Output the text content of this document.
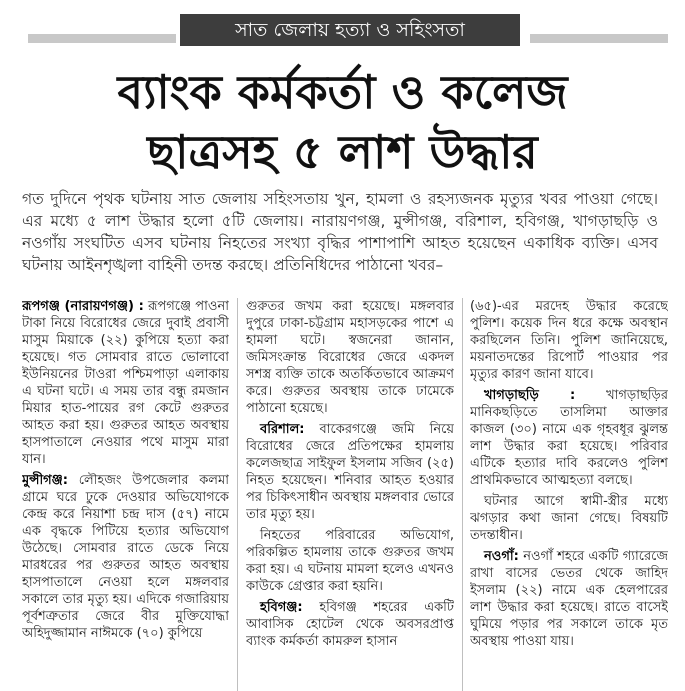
সাত জেলায় হত্যা ও সহিংসতা
ব্যাংক কর্মকর্তা ও কলেজ
ছাত্রসহ ৫ লাশ উদ্ধার
গত দুদিনে পৃথক ঘটনায় সাত জেলায় সহিংসতায় খুন, হামলা ও রহস্যজনক মৃত্যুর খবর পাওয়া গেছে। এর মধ্যে ৫ লাশ উদ্ধার হলো ৫টি জেলায়। নারায়ণগঞ্জ, মুন্সীগঞ্জ, বরিশাল, হবিগঞ্জ, খাগড়াছড়ি ও নওগাঁয় সংঘটিত এসব ঘটনায় নিহতের সংখ্যা বৃদ্ধির পাশাপাশি আহত হয়েছেন একাধিক ব্যক্তি। এসব ঘটনায় আইনশৃঙ্খলা বাহিনী তদন্ত করছে। প্রতিনিধিদের পাঠানো খবর–

রূপগঞ্জ (নারায়ণগঞ্জ) : রূপগঞ্জে পাওনা টাকা নিয়ে বিরোধের জেরে দুবাই প্রবাসী মাসুম মিয়াকে (২২) কুপিয়ে হত্যা করা হয়েছে। গত সোমবার রাতে ভোলাবো ইউনিয়নের টাওরা পশ্চিমপাড়া এলাকায় এ ঘটনা ঘটে। এ সময় তার বন্ধু রমজান মিয়ার হাত-পায়ের রগ কেটে গুরুতর আহত করা হয়। গুরুতর আহত অবস্থায় হাসপাতালে নেওয়ার পথে মাসুম মারা যান।

মুন্সীগঞ্জ: লৌহজং উপজেলার কলমা গ্রামে ঘরে ঢুকে দেওয়ার অভিযোগকে কেন্দ্র করে নিয়াশা চন্দ্র দাস (৫৭) নামে এক বৃদ্ধকে পিটিয়ে হত্যার অভিযোগ উঠেছে। সোমবার রাতে ডেকে নিয়ে মারধরের পর গুরুতর আহত অবস্থায় হাসপাতালে নেওয়া হলে মঙ্গলবার সকালে তার মৃত্যু হয়। এদিকে গজারিয়ায় পূর্বশত্রুতার জেরে বীর মুক্তিযোদ্ধা অহিদুজ্জামান নাঈমকে (৭০) কুপিয়ে

গুরুতর জখম করা হয়েছে। মঙ্গলবার দুপুরে ঢাকা-চট্টগ্রাম মহাসড়কের পাশে এ হামলা ঘটে। স্বজনেরা জানান, জমিসংক্রান্ত বিরোধের জেরে একদল সশস্ত্র ব্যক্তি তাকে অতর্কিতভাবে আক্রমণ করে। গুরুতর অবস্থায় তাকে ঢামেকে পাঠানো হয়েছে।

বরিশাল: বাকেরগঞ্জে জমি নিয়ে বিরোধের জেরে প্রতিপক্ষের হামলায় কলেজছাত্র সাইফুল ইসলাম সজিব (২৫) নিহত হয়েছেন। শনিবার আহত হওয়ার পর চিকিৎসাধীন অবস্থায় মঙ্গলবার ভোরে তার মৃত্যু হয়।

নিহতের পরিবারের অভিযোগ, পরিকল্পিত হামলায় তাকে গুরুতর জখম করা হয়। এ ঘটনায় মামলা হলেও এখনও কাউকে গ্রেপ্তার করা হয়নি।

হবিগঞ্জ: হবিগঞ্জ শহরের একটি আবাসিক হোটেল থেকে অবসরপ্রাপ্ত ব্যাংক কর্মকর্তা কামরুল হাসান

(৬৫)-এর মরদেহ উদ্ধার করেছে পুলিশ। কয়েক দিন ধরে কক্ষে অবস্থান করছিলেন তিনি। পুলিশ জানিয়েছে, ময়নাতদন্তের রিপোর্ট পাওয়ার পর মৃত্যুর কারণ জানা যাবে।

খাগড়াছড়ি : খাগড়াছড়ির মানিকছড়িতে তাসলিমা আক্তার কাজল (৩০) নামে এক গৃহবধূর ঝুলন্ত লাশ উদ্ধার করা হয়েছে। পরিবার এটিকে হত্যার দাবি করলেও পুলিশ প্রাথমিকভাবে আত্মহত্যা বলছে।

ঘটনার আগে স্বামী-স্ত্রীর মধ্যে ঝগড়ার কথা জানা গেছে। বিষয়টি তদন্তাধীন।

নওগাঁ: নওগাঁ শহরে একটি গ্যারেজে রাখা বাসের ভেতর থেকে জাহিদ ইসলাম (২২) নামে এক হেলপারের লাশ উদ্ধার করা হয়েছে। রাতে বাসেই ঘুমিয়ে পড়ার পর সকালে তাকে মৃত অবস্থায় পাওয়া যায়।
